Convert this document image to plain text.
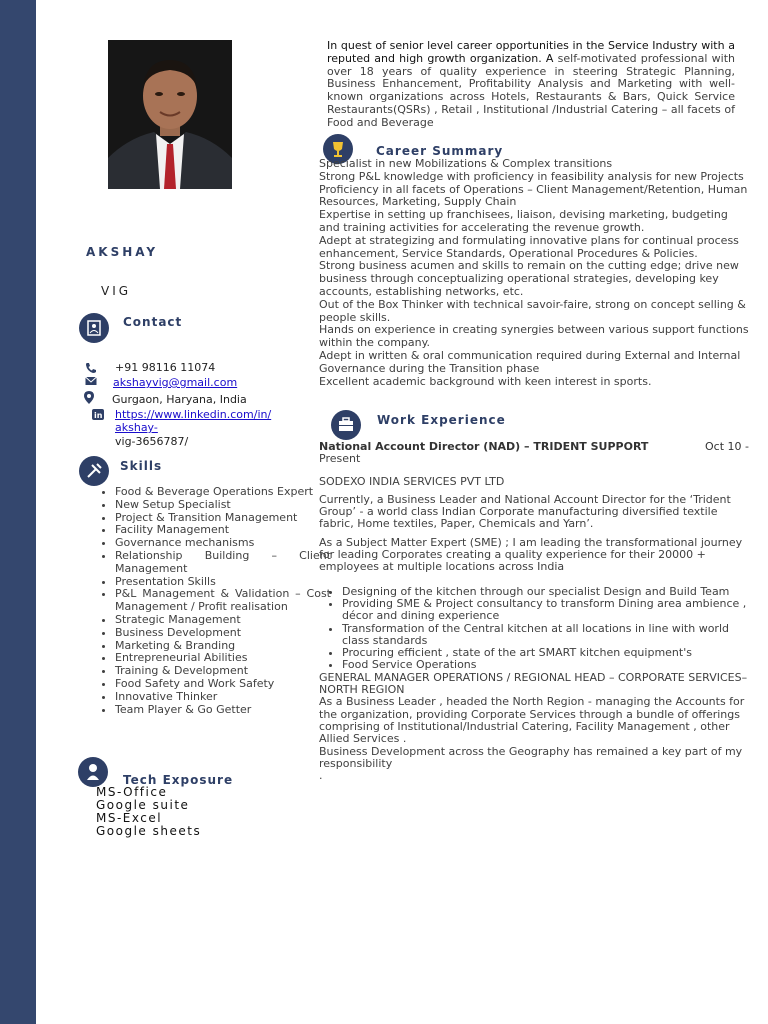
AKSHAY
VIG
Contact
+91 98116 11074
akshayvig@gmail.com
Gurgaon, Haryana, India
in https://www.linkedin.com/in/
akshay-
vig-3656787/
Skills
• Food & Beverage Operations Expert
• New Setup Specialist
• Project & Transition Management
• Facility Management
• Governance mechanisms
• Relationship Building – Client Management
• Presentation Skills
• P&L Management & Validation – Cost Management / Profit realisation
• Strategic Management
• Business Development
• Marketing & Branding
• Entrepreneurial Abilities
• Training & Development
• Food Safety and Work Safety
• Innovative Thinker
• Team Player & Go Getter
Tech Exposure
MS-Office
Google suite
MS-Excel
Google sheets
In quest of senior level career opportunities in the Service Industry with a reputed and high growth organization. A self-motivated professional with over 18 years of quality experience in steering Strategic Planning, Business Enhancement, Profitability Analysis and Marketing with well-known organizations across Hotels, Restaurants & Bars, Quick Service Restaurants(QSRs) , Retail , Institutional /Industrial Catering – all facets of Food and Beverage
Career Summary
Specialist in new Mobilizations & Complex transitions
Strong P&L knowledge with proficiency in feasibility analysis for new Projects
Proficiency in all facets of Operations – Client Management/Retention, Human Resources, Marketing, Supply Chain
Expertise in setting up franchisees, liaison, devising marketing, budgeting and training activities for accelerating the revenue growth.
Adept at strategizing and formulating innovative plans for continual process enhancement, Service Standards, Operational Procedures & Policies.
Strong business acumen and skills to remain on the cutting edge; drive new business through conceptualizing operational strategies, developing key accounts, establishing networks, etc.
Out of the Box Thinker with technical savoir-faire, strong on concept selling & people skills.
Hands on experience in creating synergies between various support functions within the company.
Adept in written & oral communication required during External and Internal Governance during the Transition phase
Excellent academic background with keen interest in sports.
Work Experience
National Account Director (NAD) – TRIDENT SUPPORT	Oct 10 -

Present

SODEXO INDIA SERVICES PVT LTD

Currently, a Business Leader and National Account Director for the ‘Trident Group’ - a world class Indian Corporate manufacturing diversified textile fabric, Home textiles, Paper, Chemicals and Yarn’.

As a Subject Matter Expert (SME) ; I am leading the transformational journey for leading Corporates creating a quality experience for their 20000 + employees at multiple locations across India

• Designing of the kitchen through our specialist Design and Build Team
• Providing SME & Project consultancy to transform Dining area ambience , décor and dining experience
• Transformation of the Central kitchen at all locations in line with world class standards
• Procuring efficient , state of the art SMART kitchen equipment's
• Food Service Operations

GENERAL MANAGER OPERATIONS / REGIONAL HEAD – CORPORATE SERVICES– NORTH REGION

As a Business Leader , headed the North Region - managing the Accounts for the organization, providing Corporate Services through a bundle of offerings comprising of Institutional/Industrial Catering, Facility Management , other Allied Services .

Business Development across the Geography has remained a key part of my responsibility

.
